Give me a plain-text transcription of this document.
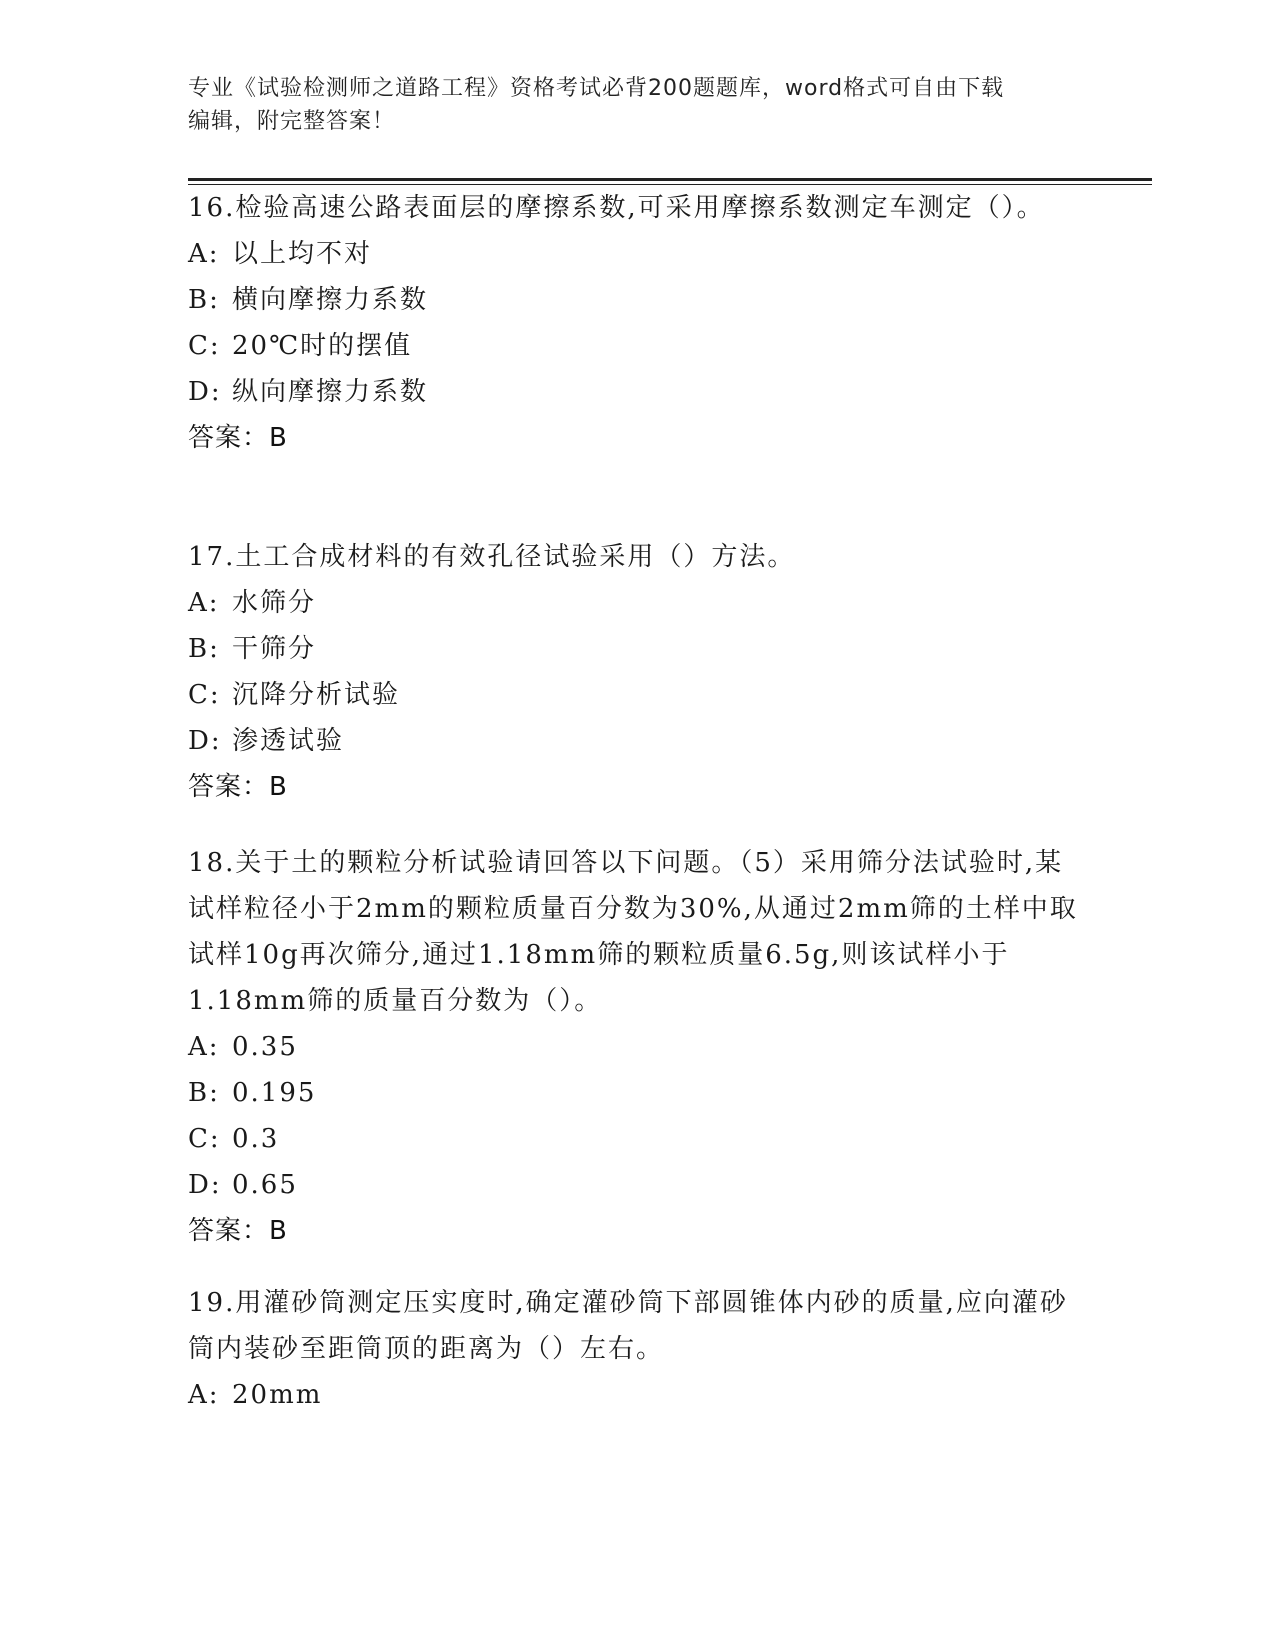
专业《试验检测师之道路工程》资格考试必背200题题库，word格式可自由下载
编辑，附完整答案！
16.检验高速公路表面层的摩擦系数,可采用摩擦系数测定车测定（）。
A: 以上均不对
B: 横向摩擦力系数
C: 20℃时的摆值
D: 纵向摩擦力系数
答案：B
17.土工合成材料的有效孔径试验采用（）方法。
A: 水筛分
B: 干筛分
C: 沉降分析试验
D: 渗透试验
答案：B
18.关于土的颗粒分析试验请回答以下问题。（5）采用筛分法试验时,某试样粒径小于2mm的颗粒质量百分数为30%,从通过2mm筛的土样中取试样10g再次筛分,通过1.18mm筛的颗粒质量6.5g,则该试样小于1.18mm筛的质量百分数为（）。
A: 0.35
B: 0.195
C: 0.3
D: 0.65
答案：B
19.用灌砂筒测定压实度时,确定灌砂筒下部圆锥体内砂的质量,应向灌砂筒内装砂至距筒顶的距离为（）左右。
A: 20mm
